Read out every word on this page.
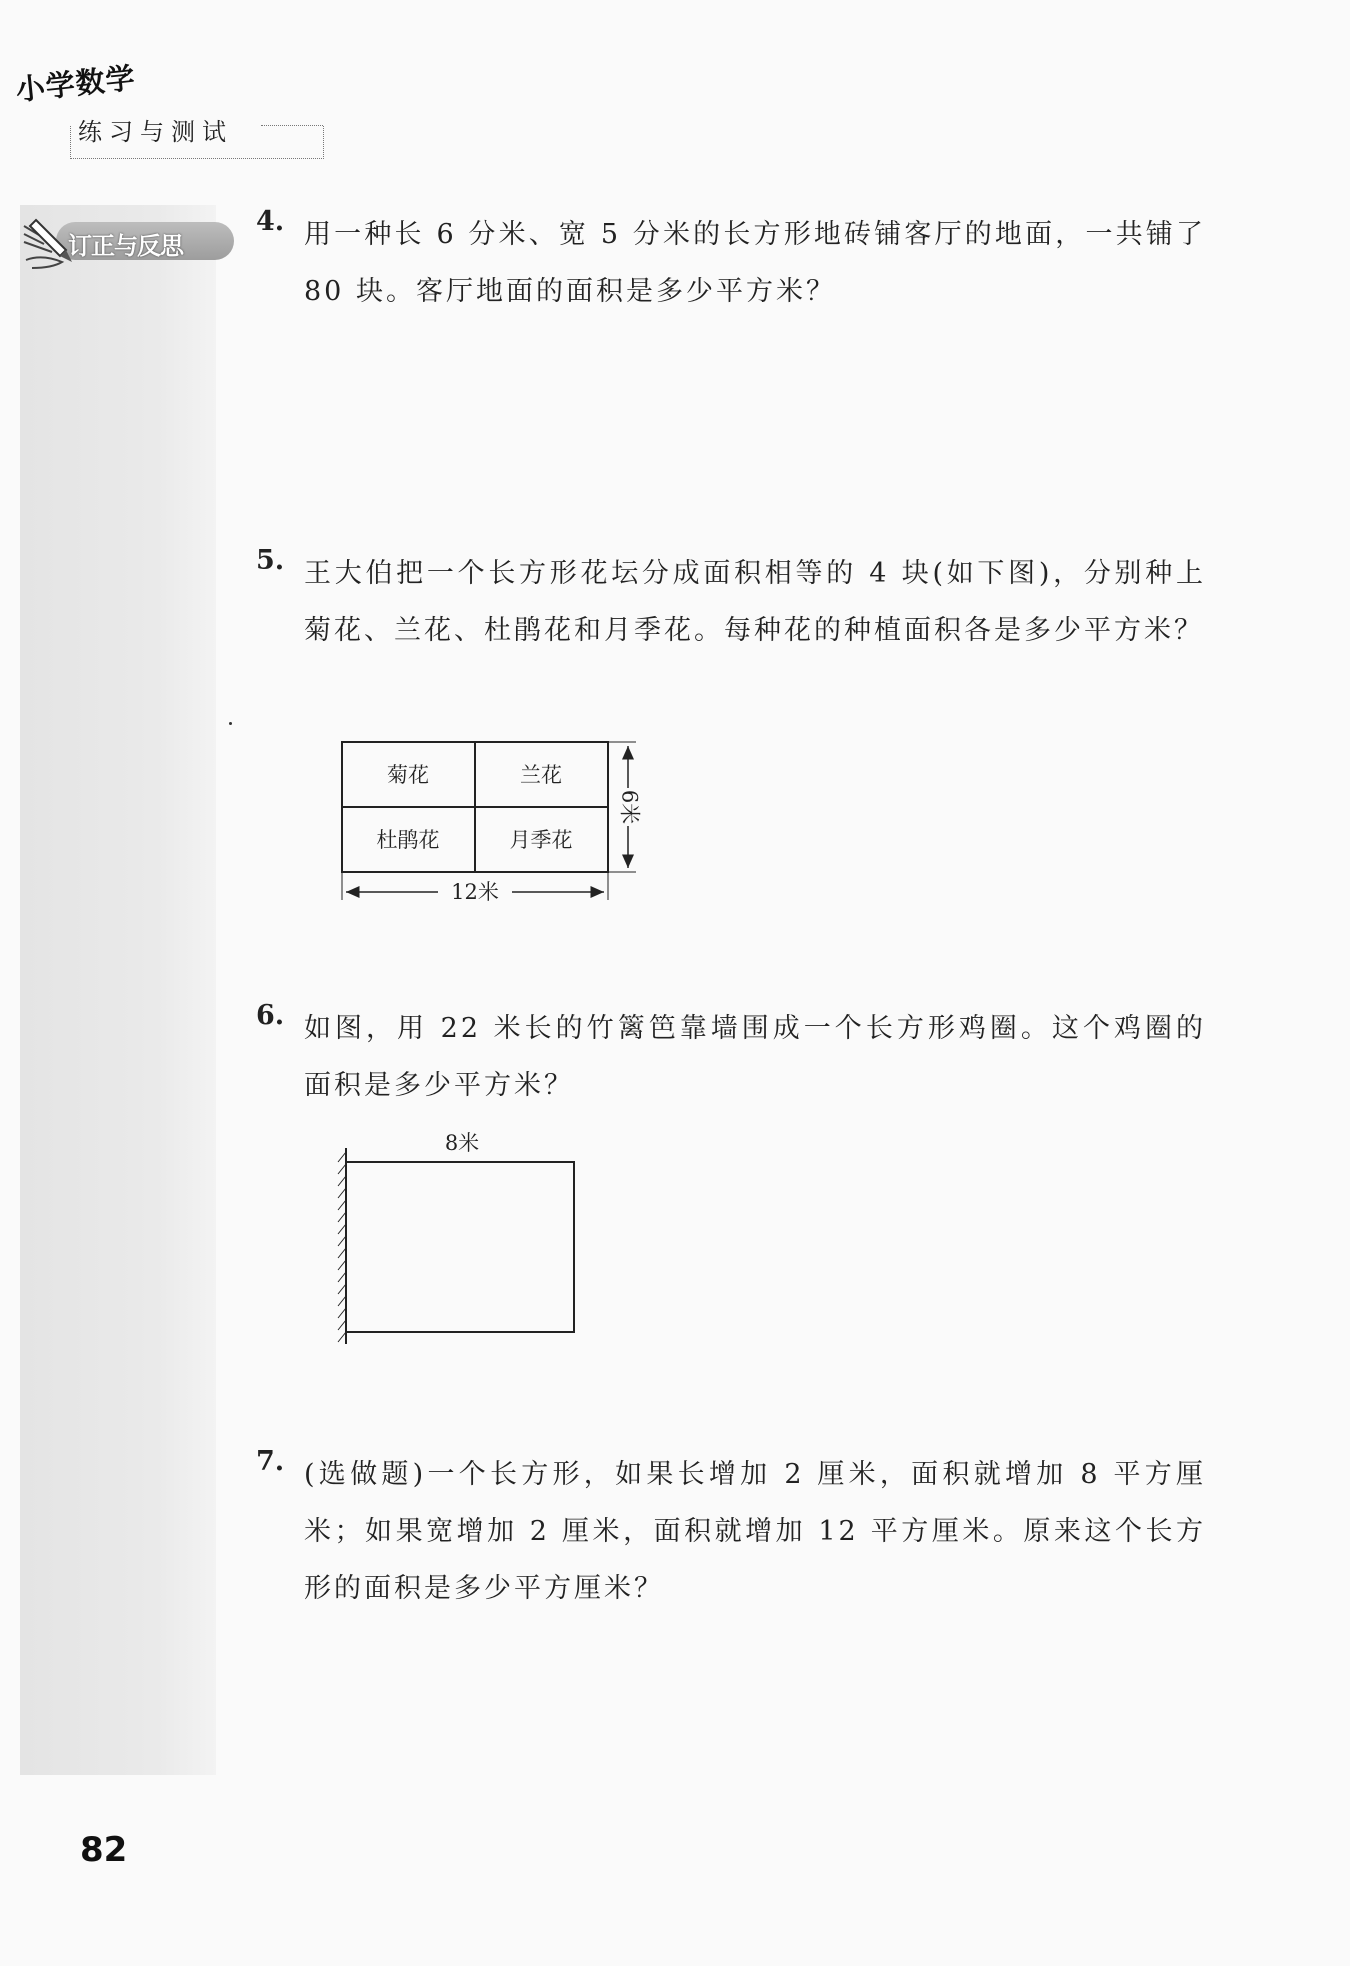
小学数学
练习与测试
订正与反思
4. 用一种长 6 分米、宽 5 分米的长方形地砖铺客厅的地面，一共铺了 80 块。客厅地面的面积是多少平方米？
5. 王大伯把一个长方形花坛分成面积相等的 4 块(如下图)，分别种上菊花、兰花、杜鹃花和月季花。每种花的种植面积各是多少平方米？
菊花	兰花
杜鹃花	月季花
6米
12米
6. 如图，用 22 米长的竹篱笆靠墙围成一个长方形鸡圈。这个鸡圈的面积是多少平方米？
8米
7. (选做题)一个长方形，如果长增加 2 厘米，面积就增加 8 平方厘米；如果宽增加 2 厘米，面积就增加 12 平方厘米。原来这个长方形的面积是多少平方厘米？
82
